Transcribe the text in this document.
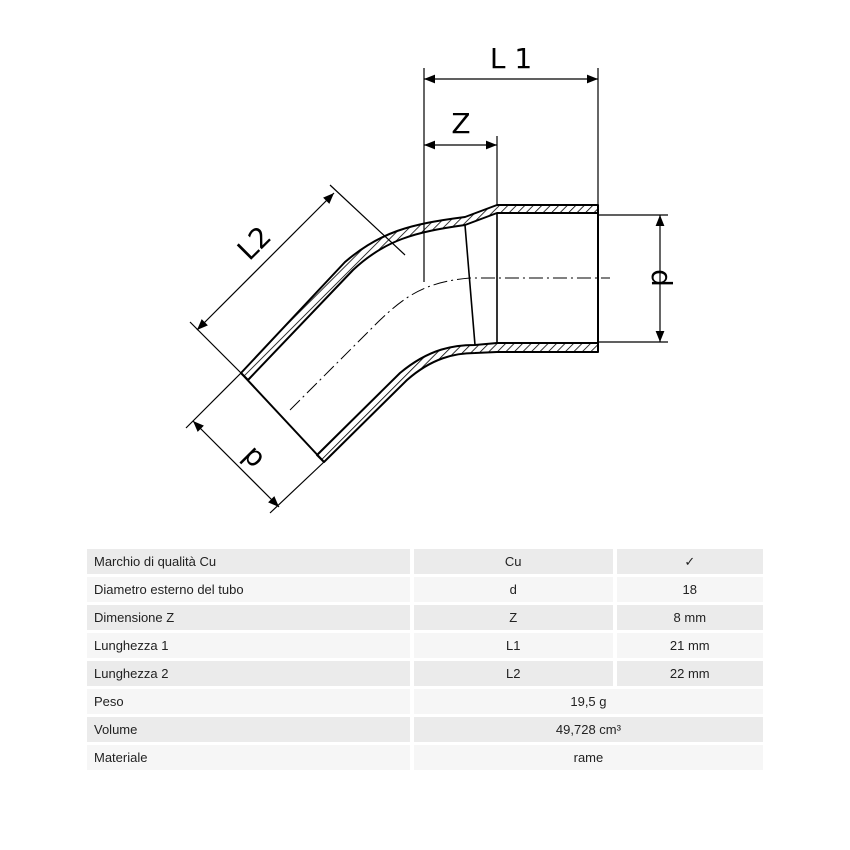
L 1
Z
d
L2
d
Marchio di qualità Cu	Cu	✓
Diametro esterno del tubo	d	18
Dimensione Z	Z	8 mm
Lunghezza 1	L1	21 mm
Lunghezza 2	L2	22 mm
Peso	19,5 g	
Volume	49,728 cm³	
Materiale	rame	
